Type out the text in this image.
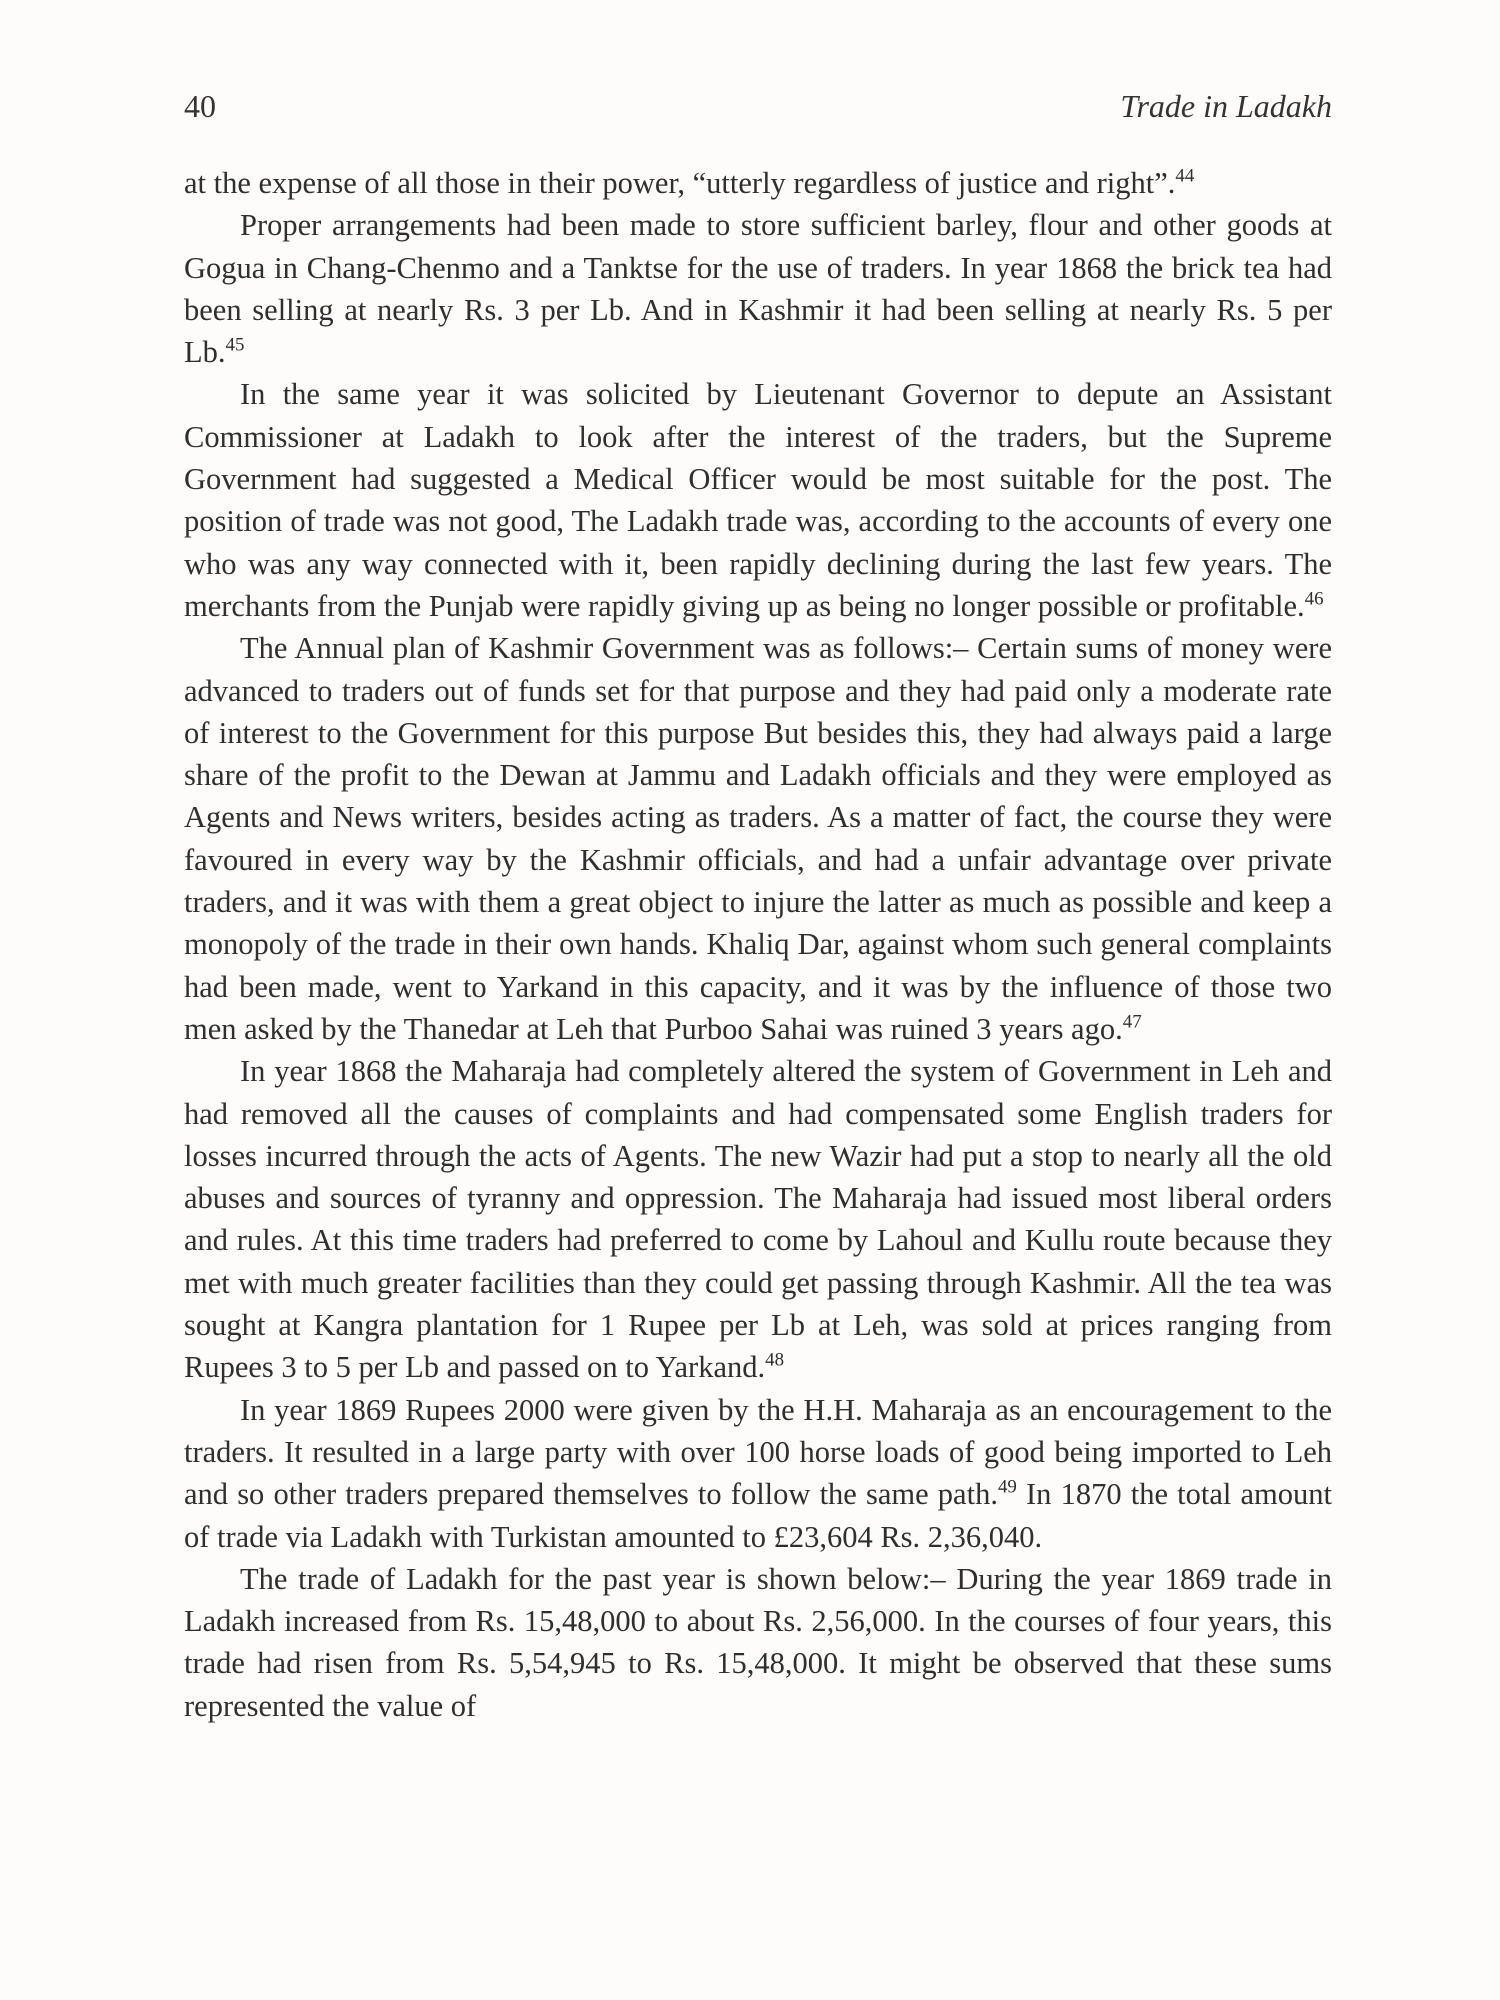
40	Trade in Ladakh

at the expense of all those in their power, “utterly regardless of justice and right”.$^{44}$

Proper arrangements had been made to store sufficient barley, flour and other goods at Gogua in Chang-Chenmo and a Tanktse for the use of traders. In year 1868 the brick tea had been selling at nearly Rs. 3 per Lb. And in Kashmir it had been selling at nearly Rs. 5 per Lb.$^{45}$

In the same year it was solicited by Lieutenant Governor to depute an Assistant Commissioner at Ladakh to look after the interest of the traders, but the Supreme Government had suggested a Medical Officer would be most suitable for the post. The position of trade was not good, The Ladakh trade was, according to the accounts of every one who was any way connected with it, been rapidly declining during the last few years. The merchants from the Punjab were rapidly giving up as being no longer possible or profitable.$^{46}$

The Annual plan of Kashmir Government was as follows:– Certain sums of money were advanced to traders out of funds set for that purpose and they had paid only a moderate rate of interest to the Government for this purpose But besides this, they had always paid a large share of the profit to the Dewan at Jammu and Ladakh officials and they were employed as Agents and News writers, besides acting as traders. As a matter of fact, the course they were favoured in every way by the Kashmir officials, and had a unfair advantage over private traders, and it was with them a great object to injure the latter as much as possible and keep a monopoly of the trade in their own hands. Khaliq Dar, against whom such general complaints had been made, went to Yarkand in this capacity, and it was by the influence of those two men asked by the Thanedar at Leh that Purboo Sahai was ruined 3 years ago.$^{47}$

In year 1868 the Maharaja had completely altered the system of Government in Leh and had removed all the causes of complaints and had compensated some English traders for losses incurred through the acts of Agents. The new Wazir had put a stop to nearly all the old abuses and sources of tyranny and oppression. The Maharaja had issued most liberal orders and rules. At this time traders had preferred to come by Lahoul and Kullu route because they met with much greater facilities than they could get passing through Kashmir. All the tea was sought at Kangra plantation for 1 Rupee per Lb at Leh, was sold at prices ranging from Rupees 3 to 5 per Lb and passed on to Yarkand.$^{48}$

In year 1869 Rupees 2000 were given by the H.H. Maharaja as an encouragement to the traders. It resulted in a large party with over 100 horse loads of good being imported to Leh and so other traders prepared themselves to follow the same path.$^{49}$ In 1870 the total amount of trade via Ladakh with Turkistan amounted to £23,604 Rs. 2,36,040.

The trade of Ladakh for the past year is shown below:– During the year 1869 trade in Ladakh increased from Rs. 15,48,000 to about Rs. 2,56,000. In the courses of four years, this trade had risen from Rs. 5,54,945 to Rs. 15,48,000. It might be observed that these sums represented the value of
